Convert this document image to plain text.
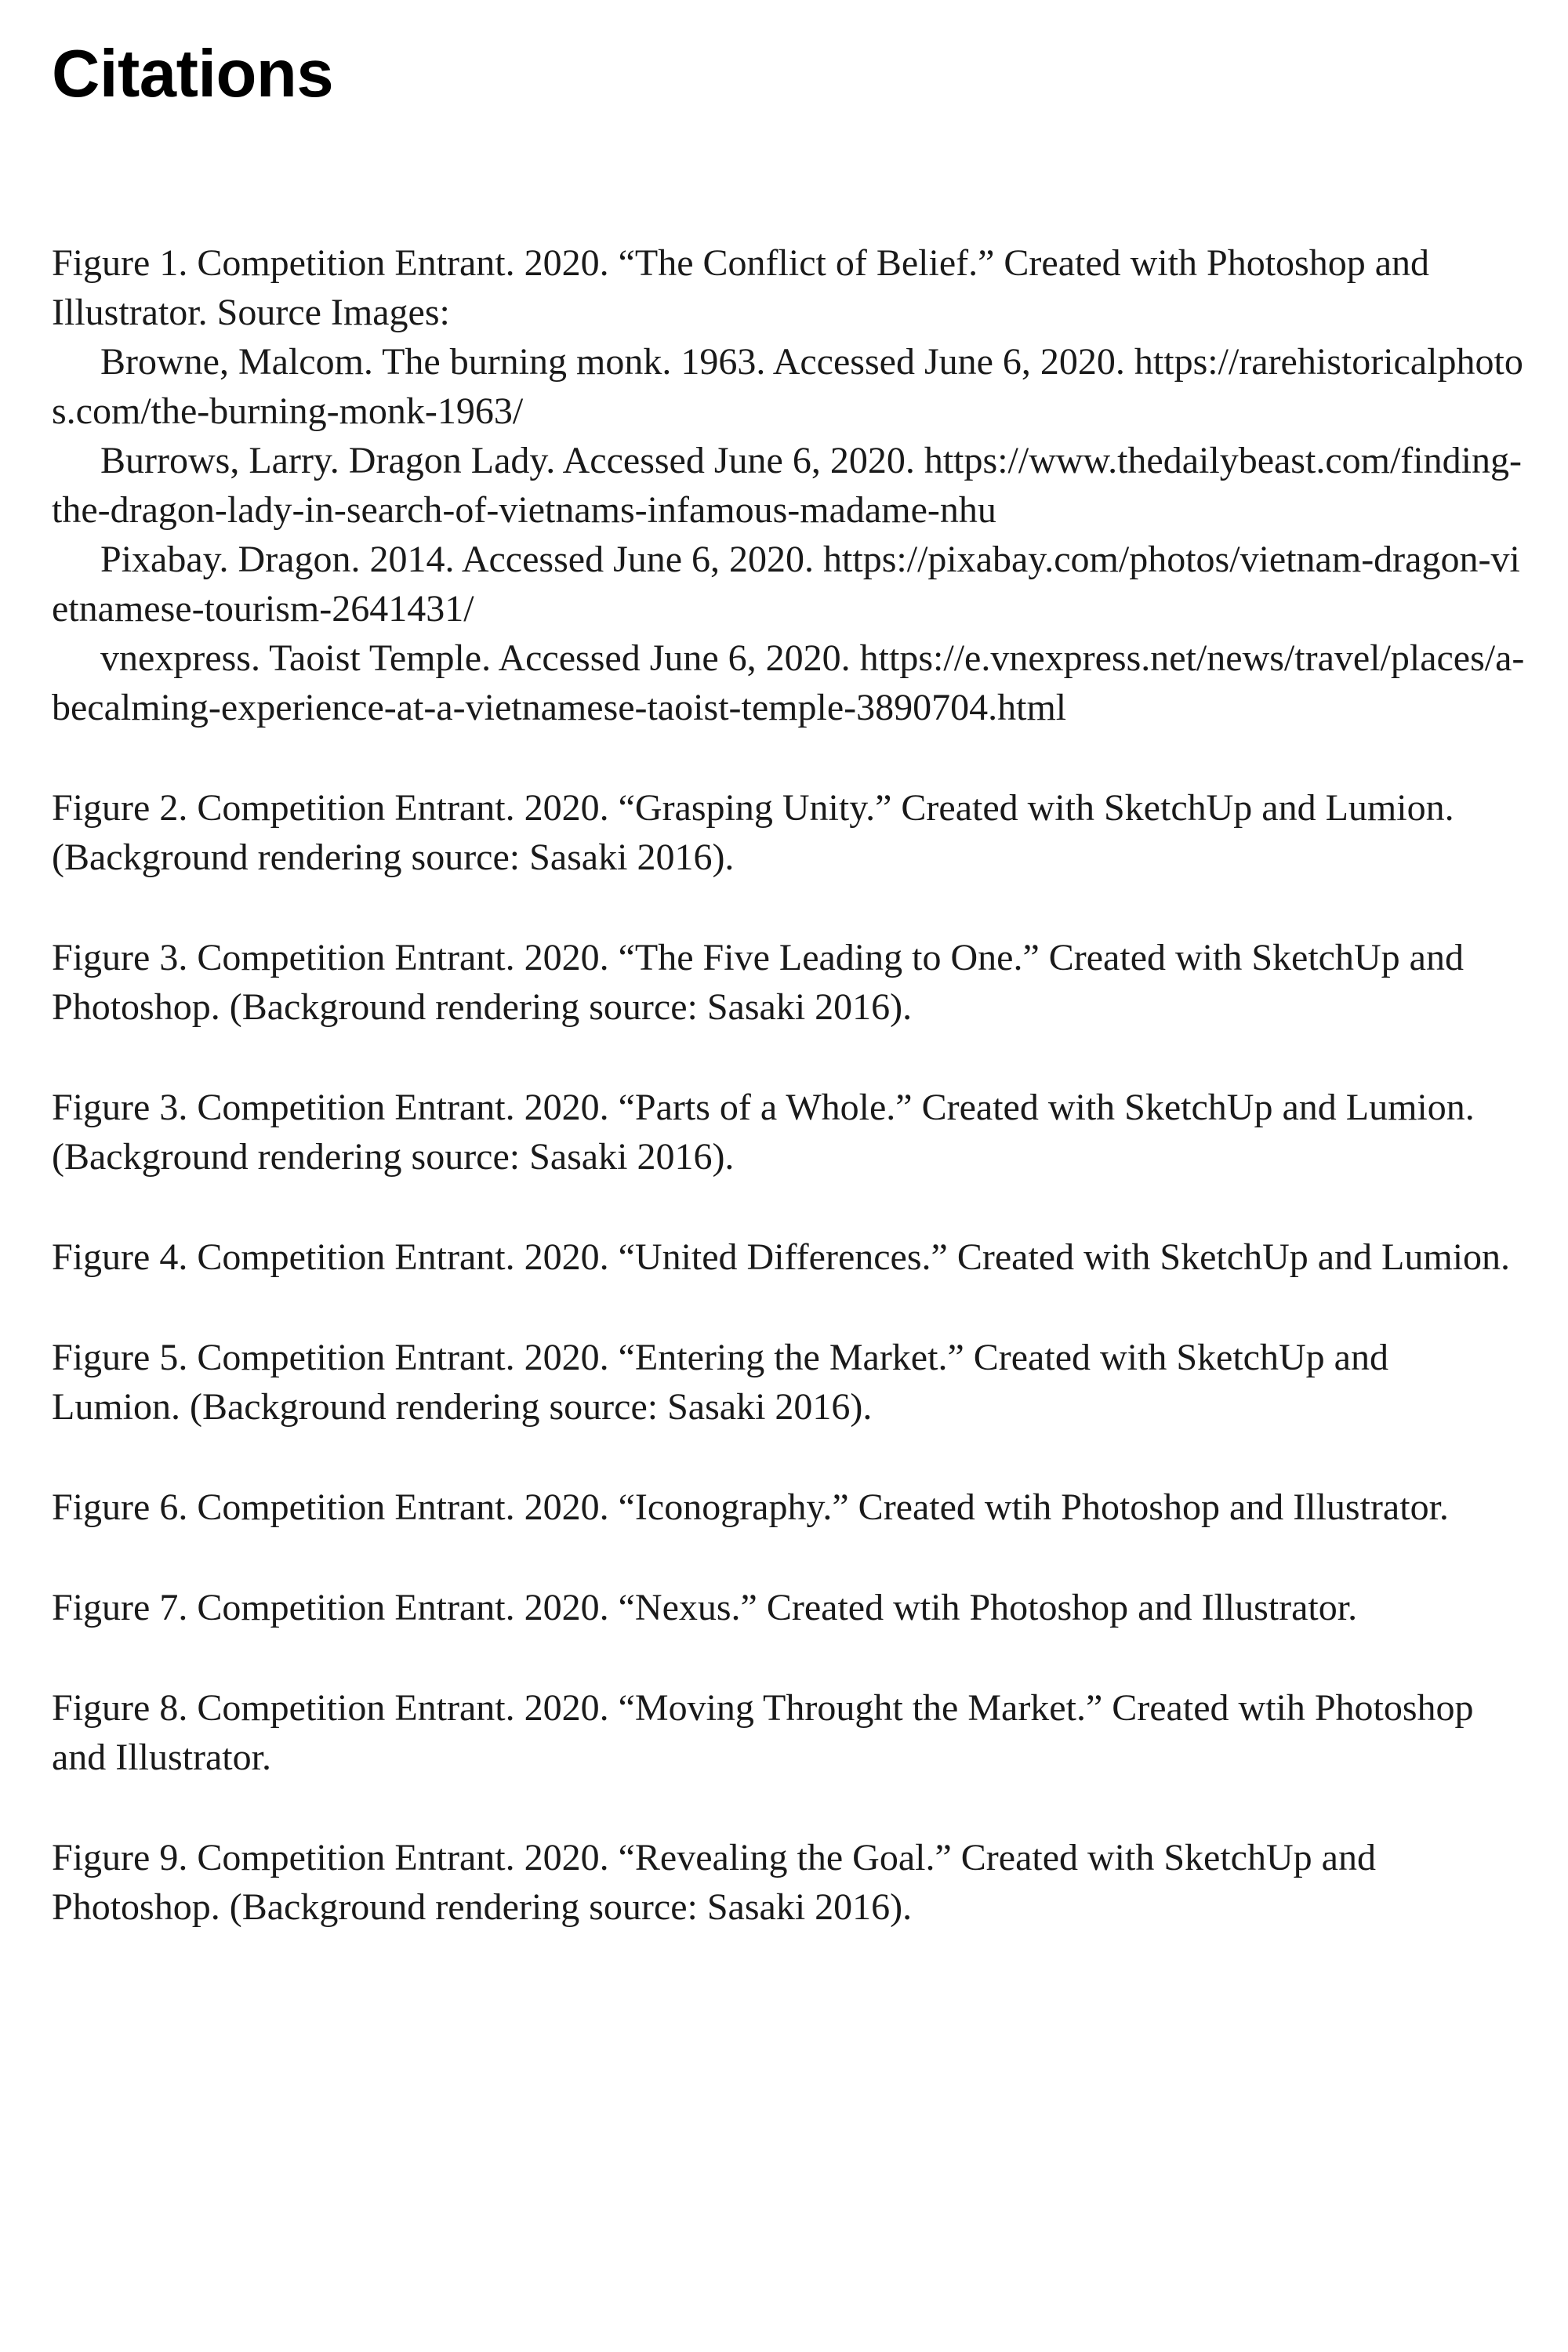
Citations

Figure 1. Competition Entrant. 2020. “The Conflict of Belief.” Created with Photoshop and Illustrator. Source Images:

Browne, Malcom. The burning monk. 1963. Accessed June 6, 2020. https://rarehistoricalphotos.com/the-burning-monk-1963/

Burrows, Larry. Dragon Lady. Accessed June 6, 2020. https://www.thedailybeast.com/finding-the-dragon-lady-in-search-of-vietnams-infamous-madame-nhu

Pixabay. Dragon. 2014. Accessed June 6, 2020. https://pixabay.com/photos/vietnam-dragon-vietnamese-tourism-2641431/

vnexpress. Taoist Temple. Accessed June 6, 2020. https://e.vnexpress.net/news/travel/places/a-becalming-experience-at-a-vietnamese-taoist-temple-3890704.html

Figure 2. Competition Entrant. 2020. “Grasping Unity.” Created with SketchUp and Lumion.(Background rendering source: Sasaki 2016).

Figure 3. Competition Entrant. 2020. “The Five Leading to One.” Created with SketchUp and Photoshop. (Background rendering source: Sasaki 2016).

Figure 3. Competition Entrant. 2020. “Parts of a Whole.” Created with SketchUp and Lumion. (Background rendering source: Sasaki 2016).

Figure 4. Competition Entrant. 2020. “United Differences.” Created with SketchUp and Lumion.

Figure 5. Competition Entrant. 2020. “Entering the Market.” Created with SketchUp and Lumion. (Background rendering source: Sasaki 2016).

Figure 6. Competition Entrant. 2020. “Iconography.” Created wtih Photoshop and Illustrator.

Figure 7. Competition Entrant. 2020. “Nexus.” Created wtih Photoshop and Illustrator.

Figure 8. Competition Entrant. 2020. “Moving Throught the Market.” Created wtih Photoshop and Illustrator.

Figure 9. Competition Entrant. 2020. “Revealing the Goal.” Created with SketchUp and Photoshop. (Background rendering source: Sasaki 2016).
